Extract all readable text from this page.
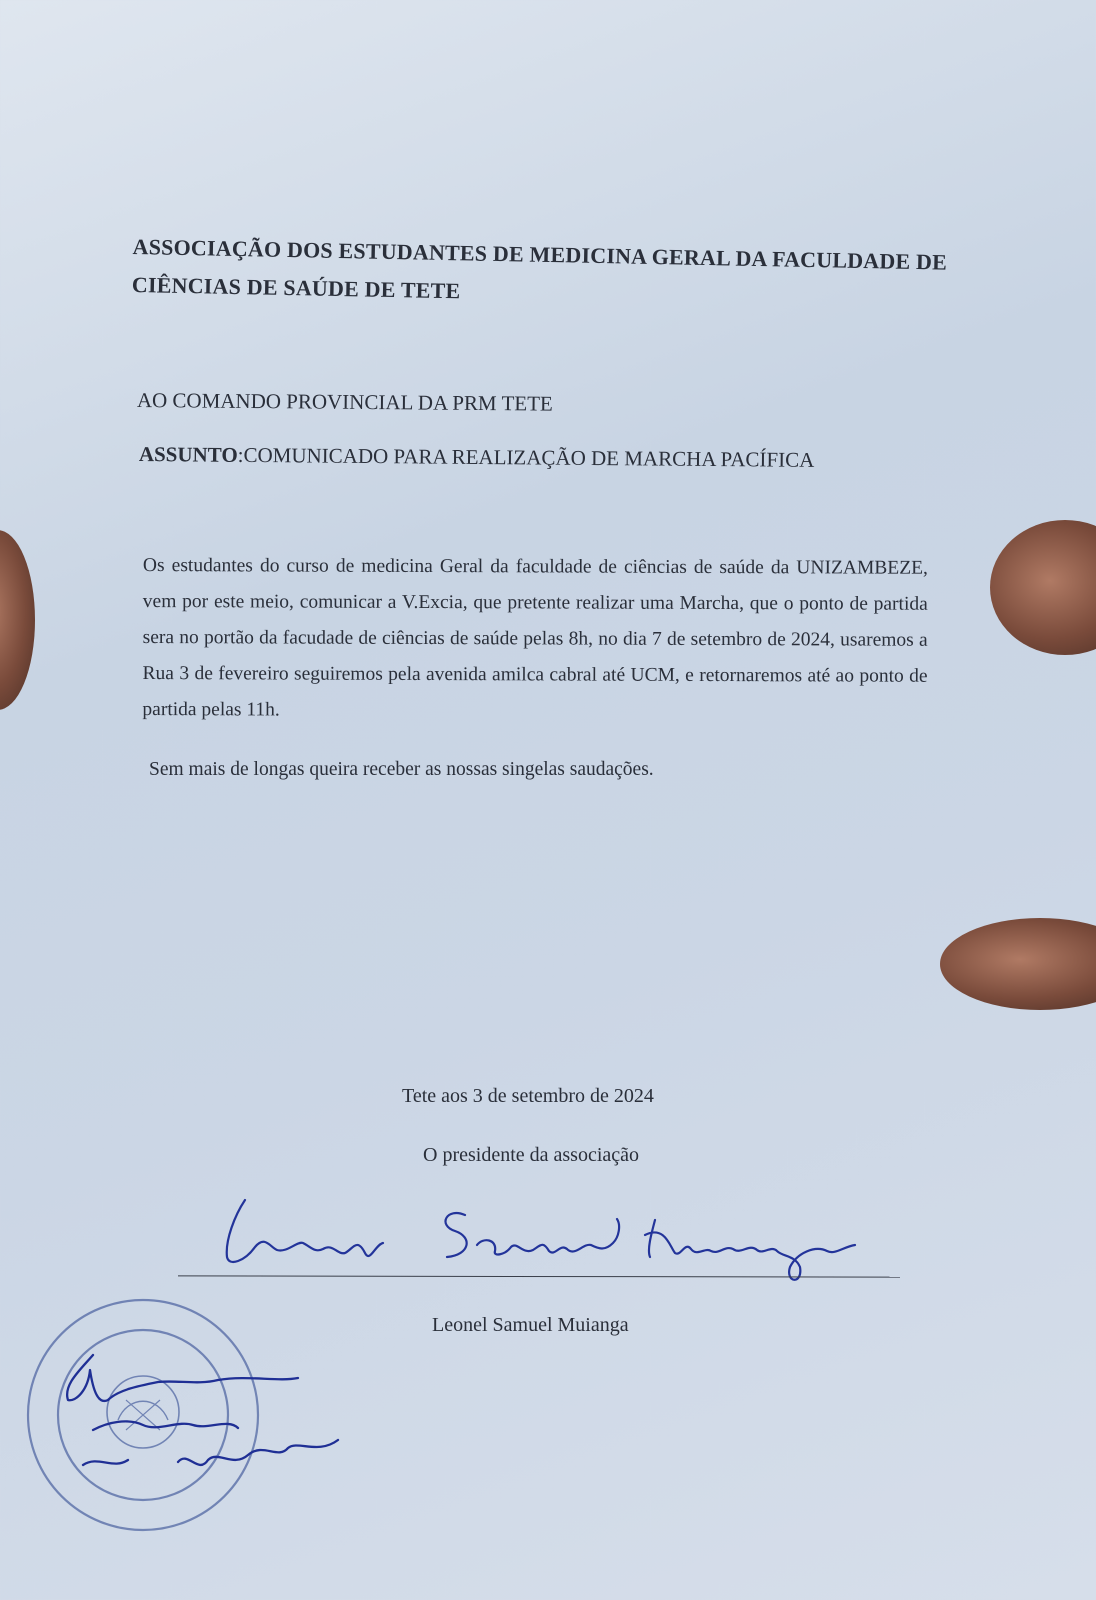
ASSOCIAÇÃO DOS ESTUDANTES DE MEDICINA GERAL DA FACULDADE DE CIÊNCIAS DE SAÚDE DE TETE

AO COMANDO PROVINCIAL DA PRM TETE
ASSUNTO:COMUNICADO PARA REALIZAÇÃO DE MARCHA PACÍFICA

Os estudantes do curso de medicina Geral da faculdade de ciências de saúde da UNIZAMBEZE, vem por este meio, comunicar a V.Excia, que pretente realizar uma Marcha, que o ponto de partida sera no portão da facudade de ciências de saúde pelas 8h, no dia 7 de setembro de 2024, usaremos a Rua 3 de fevereiro seguiremos pela avenida amilca cabral até UCM, e retornaremos até ao ponto de partida pelas 11h.

Sem mais de longas queira receber as nossas singelas saudações.
Tete aos 3 de setembro de 2024
O presidente da associação
Leonel Samuel Muianga
